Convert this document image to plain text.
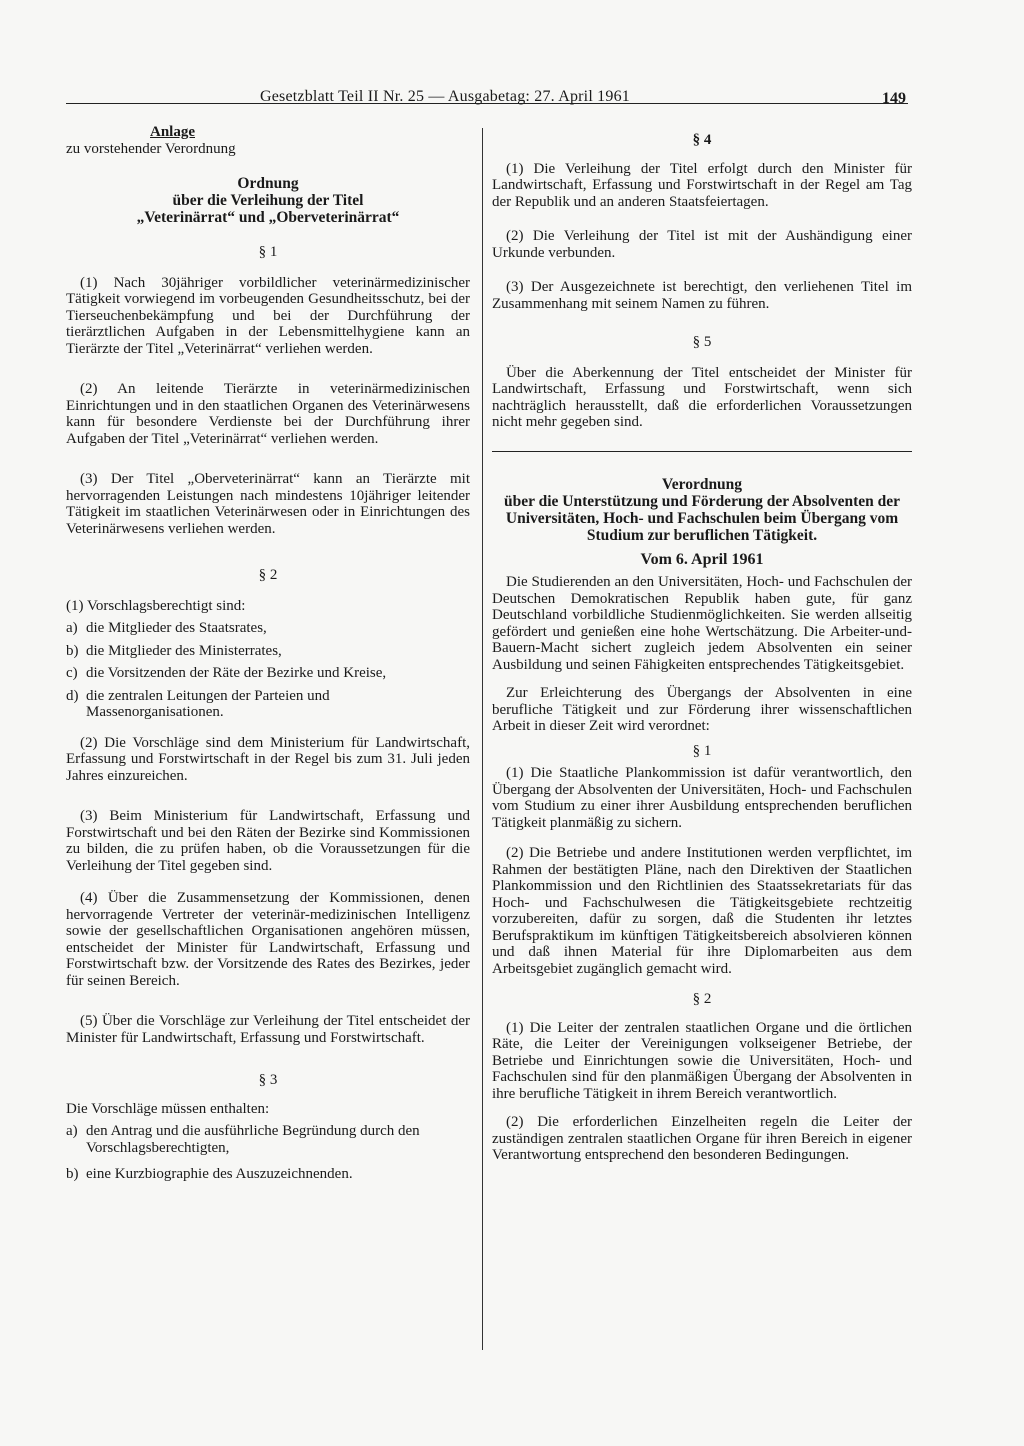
Gesetzblatt Teil II Nr. 25 — Ausgabetag: 27. April 1961	149
Anlage

zu vorstehender Verordnung

Ordnung
über die Verleihung der Titel
„Veterinärrat“ und „Oberveterinärrat“
§ 1

(1) Nach 30jähriger vorbildlicher veterinärmedizinischer Tätigkeit vorwiegend im vorbeugenden Gesundheitsschutz, bei der Tierseuchenbekämpfung und bei der Durchführung der tierärztlichen Aufgaben in der Lebensmittelhygiene kann an Tierärzte der Titel „Veterinärrat“ verliehen werden.

(2) An leitende Tierärzte in veterinärmedizinischen Einrichtungen und in den staatlichen Organen des Veterinärwesens kann für besondere Verdienste bei der Durchführung ihrer Aufgaben der Titel „Veterinärrat“ verliehen werden.

(3) Der Titel „Oberveterinärrat“ kann an Tierärzte mit hervorragenden Leistungen nach mindestens 10jähriger leitender Tätigkeit im staatlichen Veterinärwesen oder in Einrichtungen des Veterinärwesens verliehen werden.

§ 2

(1) Vorschlagsberechtigt sind:

a) die Mitglieder des Staatsrates,
b) die Mitglieder des Ministerrates,
c) die Vorsitzenden der Räte der Bezirke und Kreise,
d) die zentralen Leitungen der Parteien und Massenorganisationen.

(2) Die Vorschläge sind dem Ministerium für Landwirtschaft, Erfassung und Forstwirtschaft in der Regel bis zum 31. Juli jeden Jahres einzureichen.

(3) Beim Ministerium für Landwirtschaft, Erfassung und Forstwirtschaft und bei den Räten der Bezirke sind Kommissionen zu bilden, die zu prüfen haben, ob die Voraussetzungen für die Verleihung der Titel gegeben sind.

(4) Über die Zusammensetzung der Kommissionen, denen hervorragende Vertreter der veterinär-medizinischen Intelligenz sowie der gesellschaftlichen Organisationen angehören müssen, entscheidet der Minister für Landwirtschaft, Erfassung und Forstwirtschaft bzw. der Vorsitzende des Rates des Bezirkes, jeder für seinen Bereich.

(5) Über die Vorschläge zur Verleihung der Titel entscheidet der Minister für Landwirtschaft, Erfassung und Forstwirtschaft.

§ 3

Die Vorschläge müssen enthalten:

a) den Antrag und die ausführliche Begründung durch den Vorschlagsberechtigten,
b) eine Kurzbiographie des Auszuzeichnenden.
§ 4

(1) Die Verleihung der Titel erfolgt durch den Minister für Landwirtschaft, Erfassung und Forstwirtschaft in der Regel am Tag der Republik und an anderen Staatsfeiertagen.

(2) Die Verleihung der Titel ist mit der Aushändigung einer Urkunde verbunden.

(3) Der Ausgezeichnete ist berechtigt, den verliehenen Titel im Zusammenhang mit seinem Namen zu führen.

§ 5

Über die Aberkennung der Titel entscheidet der Minister für Landwirtschaft, Erfassung und Forstwirtschaft, wenn sich nachträglich herausstellt, daß die erforderlichen Voraussetzungen nicht mehr gegeben sind.

Verordnung
über die Unterstützung und Förderung der Absolventen der Universitäten, Hoch- und Fachschulen beim Übergang vom Studium zur beruflichen Tätigkeit.
Vom 6. April 1961

Die Studierenden an den Universitäten, Hoch- und Fachschulen der Deutschen Demokratischen Republik haben gute, für ganz Deutschland vorbildliche Studienmöglichkeiten. Sie werden allseitig gefördert und genießen eine hohe Wertschätzung. Die Arbeiter-und-Bauern-Macht sichert zugleich jedem Absolventen ein seiner Ausbildung und seinen Fähigkeiten entsprechendes Tätigkeitsgebiet.

Zur Erleichterung des Übergangs der Absolventen in eine berufliche Tätigkeit und zur Förderung ihrer wissenschaftlichen Arbeit in dieser Zeit wird verordnet:

§ 1

(1) Die Staatliche Plankommission ist dafür verantwortlich, den Übergang der Absolventen der Universitäten, Hoch- und Fachschulen vom Studium zu einer ihrer Ausbildung entsprechenden beruflichen Tätigkeit planmäßig zu sichern.

(2) Die Betriebe und andere Institutionen werden verpflichtet, im Rahmen der bestätigten Pläne, nach den Direktiven der Staatlichen Plankommission und den Richtlinien des Staatssekretariats für das Hoch- und Fachschulwesen die Tätigkeitsgebiete rechtzeitig vorzubereiten, dafür zu sorgen, daß die Studenten ihr letztes Berufspraktikum im künftigen Tätigkeitsbereich absolvieren können und daß ihnen Material für ihre Diplomarbeiten aus dem Arbeitsgebiet zugänglich gemacht wird.

§ 2

(1) Die Leiter der zentralen staatlichen Organe und die örtlichen Räte, die Leiter der Vereinigungen volkseigener Betriebe, der Betriebe und Einrichtungen sowie die Universitäten, Hoch- und Fachschulen sind für den planmäßigen Übergang der Absolventen in ihre berufliche Tätigkeit in ihrem Bereich verantwortlich.

(2) Die erforderlichen Einzelheiten regeln die Leiter der zuständigen zentralen staatlichen Organe für ihren Bereich in eigener Verantwortung entsprechend den besonderen Bedingungen.
